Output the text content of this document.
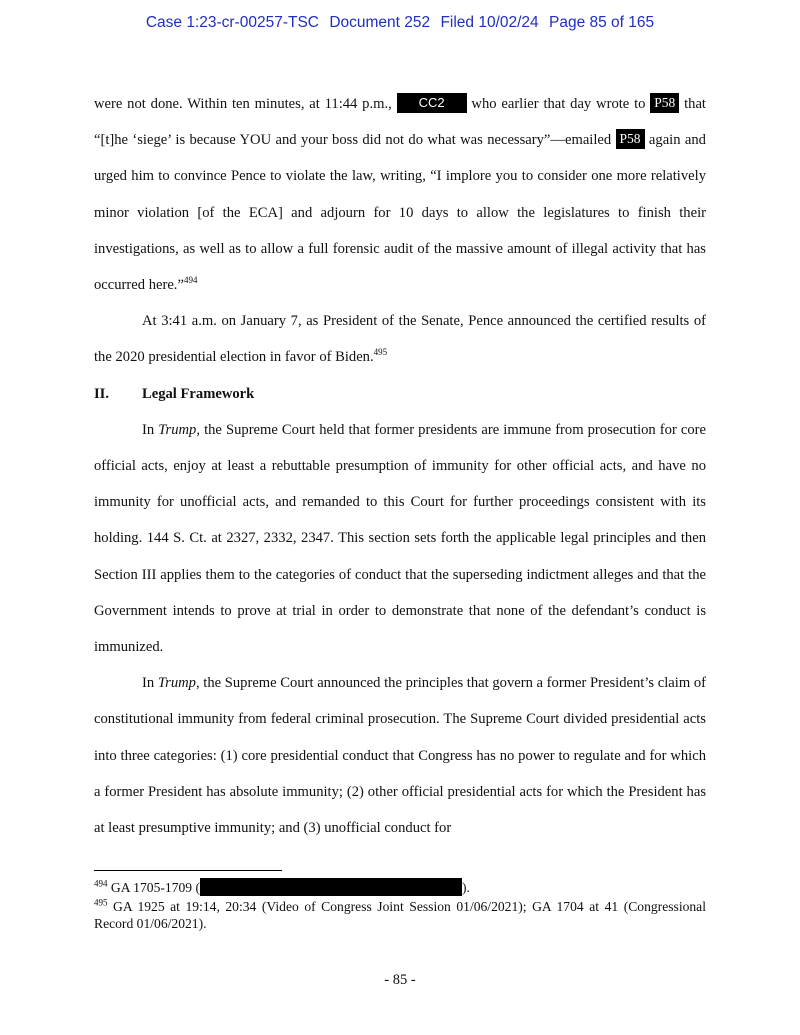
Case 1:23-cr-00257-TSC Document 252 Filed 10/02/24 Page 85 of 165

were not done. Within ten minutes, at 11:44 p.m., CC2 who earlier that day wrote to P58 that “[t]he ‘siege’ is because YOU and your boss did not do what was necessary”—emailed P58 again and urged him to convince Pence to violate the law, writing, “I implore you to consider one more relatively minor violation [of the ECA] and adjourn for 10 days to allow the legislatures to finish their investigations, as well as to allow a full forensic audit of the massive amount of illegal activity that has occurred here.”$^{494}$

At 3:41 a.m. on January 7, as President of the Senate, Pence announced the certified results of the 2020 presidential election in favor of Biden.$^{495}$

II.	Legal Framework

In Trump, the Supreme Court held that former presidents are immune from prosecution for core official acts, enjoy at least a rebuttable presumption of immunity for other official acts, and have no immunity for unofficial acts, and remanded to this Court for further proceedings consistent with its holding. 144 S. Ct. at 2327, 2332, 2347. This section sets forth the applicable legal principles and then Section III applies them to the categories of conduct that the superseding indictment alleges and that the Government intends to prove at trial in order to demonstrate that none of the defendant’s conduct is immunized.

In Trump, the Supreme Court announced the principles that govern a former President’s claim of constitutional immunity from federal criminal prosecution. The Supreme Court divided presidential acts into three categories: (1) core presidential conduct that Congress has no power to regulate and for which a former President has absolute immunity; (2) other official presidential acts for which the President has at least presumptive immunity; and (3) unofficial conduct for

$^{494}$ GA 1705-1709 (	).

$^{495}$ GA 1925 at 19:14, 20:34 (Video of Congress Joint Session 01/06/2021); GA 1704 at 41 (Congressional Record 01/06/2021).

- 85 -
